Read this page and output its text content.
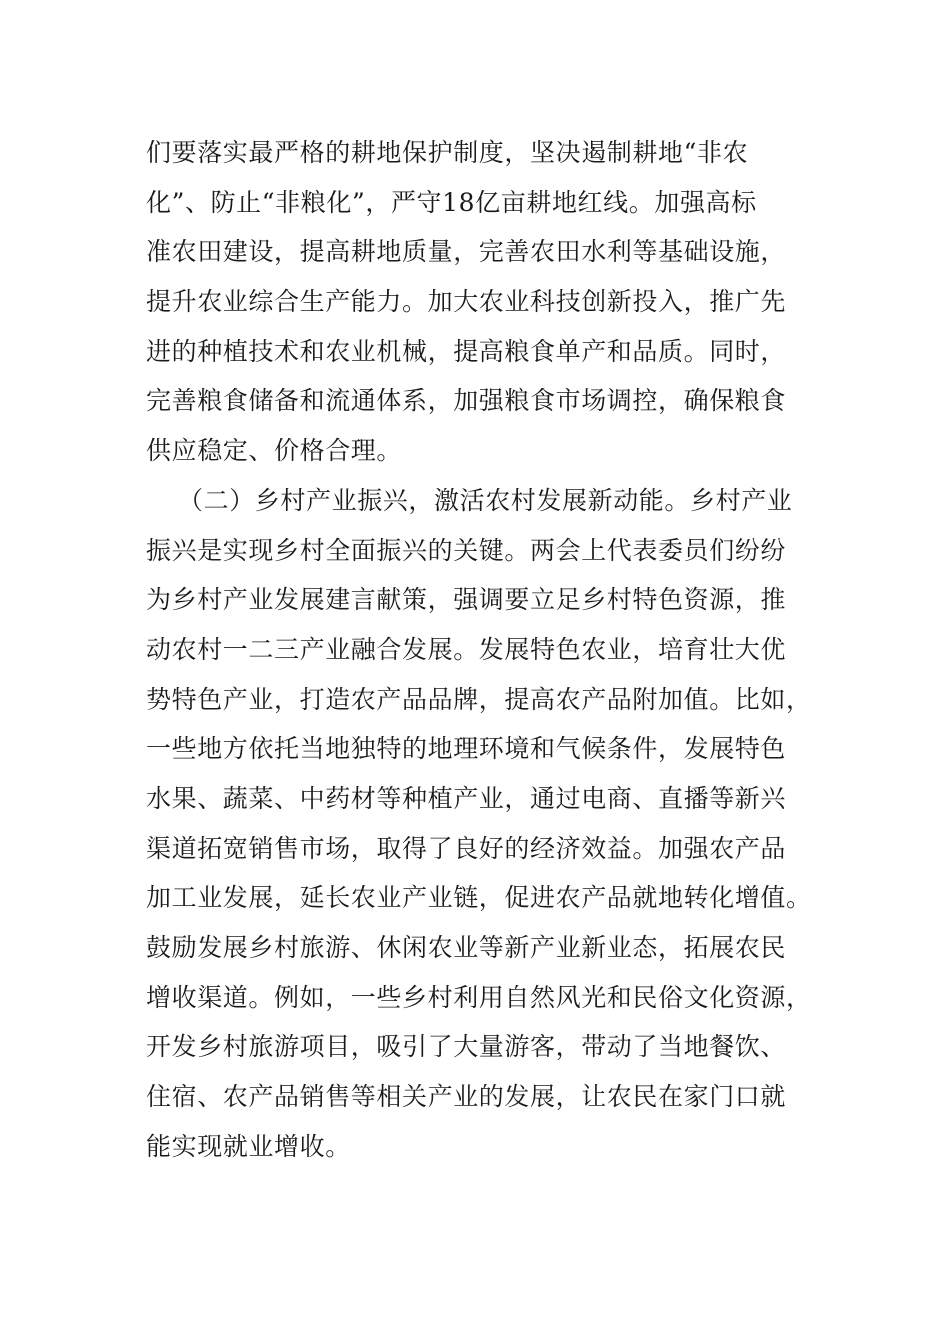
们要落实最严格的耕地保护制度，坚决遏制耕地“非农
化”、防止“非粮化”，严守18亿亩耕地红线。加强高标
准农田建设，提高耕地质量，完善农田水利等基础设施，
提升农业综合生产能力。加大农业科技创新投入，推广先
进的种植技术和农业机械，提高粮食单产和品质。同时，
完善粮食储备和流通体系，加强粮食市场调控，确保粮食
供应稳定、价格合理。
（二）乡村产业振兴，激活农村发展新动能。乡村产业
振兴是实现乡村全面振兴的关键。两会上代表委员们纷纷
为乡村产业发展建言献策，强调要立足乡村特色资源，推
动农村一二三产业融合发展。发展特色农业，培育壮大优
势特色产业，打造农产品品牌，提高农产品附加值。比如，
一些地方依托当地独特的地理环境和气候条件，发展特色
水果、蔬菜、中药材等种植产业，通过电商、直播等新兴
渠道拓宽销售市场，取得了良好的经济效益。加强农产品
加工业发展，延长农业产业链，促进农产品就地转化增值。
鼓励发展乡村旅游、休闲农业等新产业新业态，拓展农民
增收渠道。例如，一些乡村利用自然风光和民俗文化资源，
开发乡村旅游项目，吸引了大量游客，带动了当地餐饮、
住宿、农产品销售等相关产业的发展，让农民在家门口就
能实现就业增收。
